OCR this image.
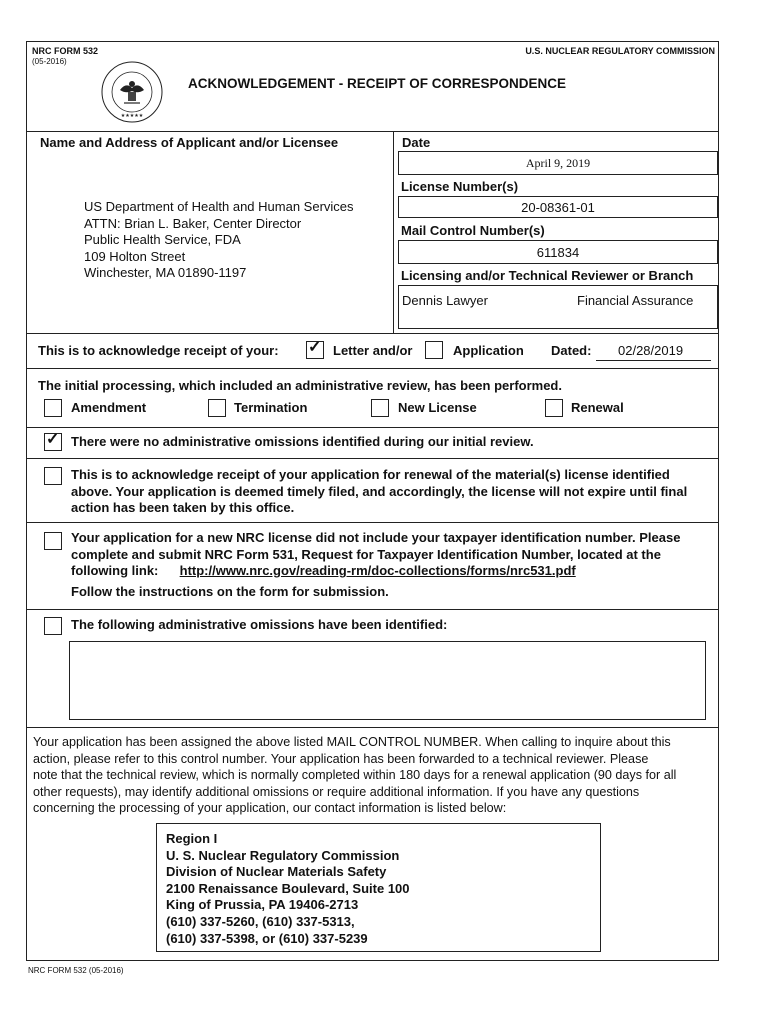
NRC FORM 532
(05-2016)
U.S. NUCLEAR REGULATORY COMMISSION
★★★★★
ACKNOWLEDGEMENT - RECEIPT OF CORRESPONDENCE
Name and Address of Applicant and/or Licensee
US Department of Health and Human Services
ATTN: Brian L. Baker, Center Director
Public Health Service, FDA
109 Holton Street
Winchester, MA 01890-1197
Date
April 9, 2019
License Number(s)
20-08361-01
Mail Control Number(s)
611834
Licensing and/or Technical Reviewer or Branch
Dennis Lawyer	Financial Assurance
This is to acknowledge receipt of your: ✓ Letter and/or	Application Dated: 02/28/2019
The initial processing, which included an administrative review, has been performed.
Amendment	Termination	New License	Renewal
✓ There were no administrative omissions identified during our initial review.
This is to acknowledge receipt of your application for renewal of the material(s) license identified
above. Your application is deemed timely filed, and accordingly, the license will not expire until final
action has been taken by this office.
Your application for a new NRC license did not include your taxpayer identification number. Please
complete and submit NRC Form 531, Request for Taxpayer Identification Number, located at the
following link: http://www.nrc.gov/reading-rm/doc-collections/forms/nrc531.pdf
Follow the instructions on the form for submission.
The following administrative omissions have been identified:
Your application has been assigned the above listed MAIL CONTROL NUMBER. When calling to inquire about this
action, please refer to this control number. Your application has been forwarded to a technical reviewer. Please
note that the technical review, which is normally completed within 180 days for a renewal application (90 days for all
other requests), may identify additional omissions or require additional information. If you have any questions
concerning the processing of your application, our contact information is listed below:
Region I
U. S. Nuclear Regulatory Commission
Division of Nuclear Materials Safety
2100 Renaissance Boulevard, Suite 100
King of Prussia, PA 19406-2713
(610) 337-5260, (610) 337-5313,
(610) 337-5398, or (610) 337-5239
NRC FORM 532 (05-2016)
